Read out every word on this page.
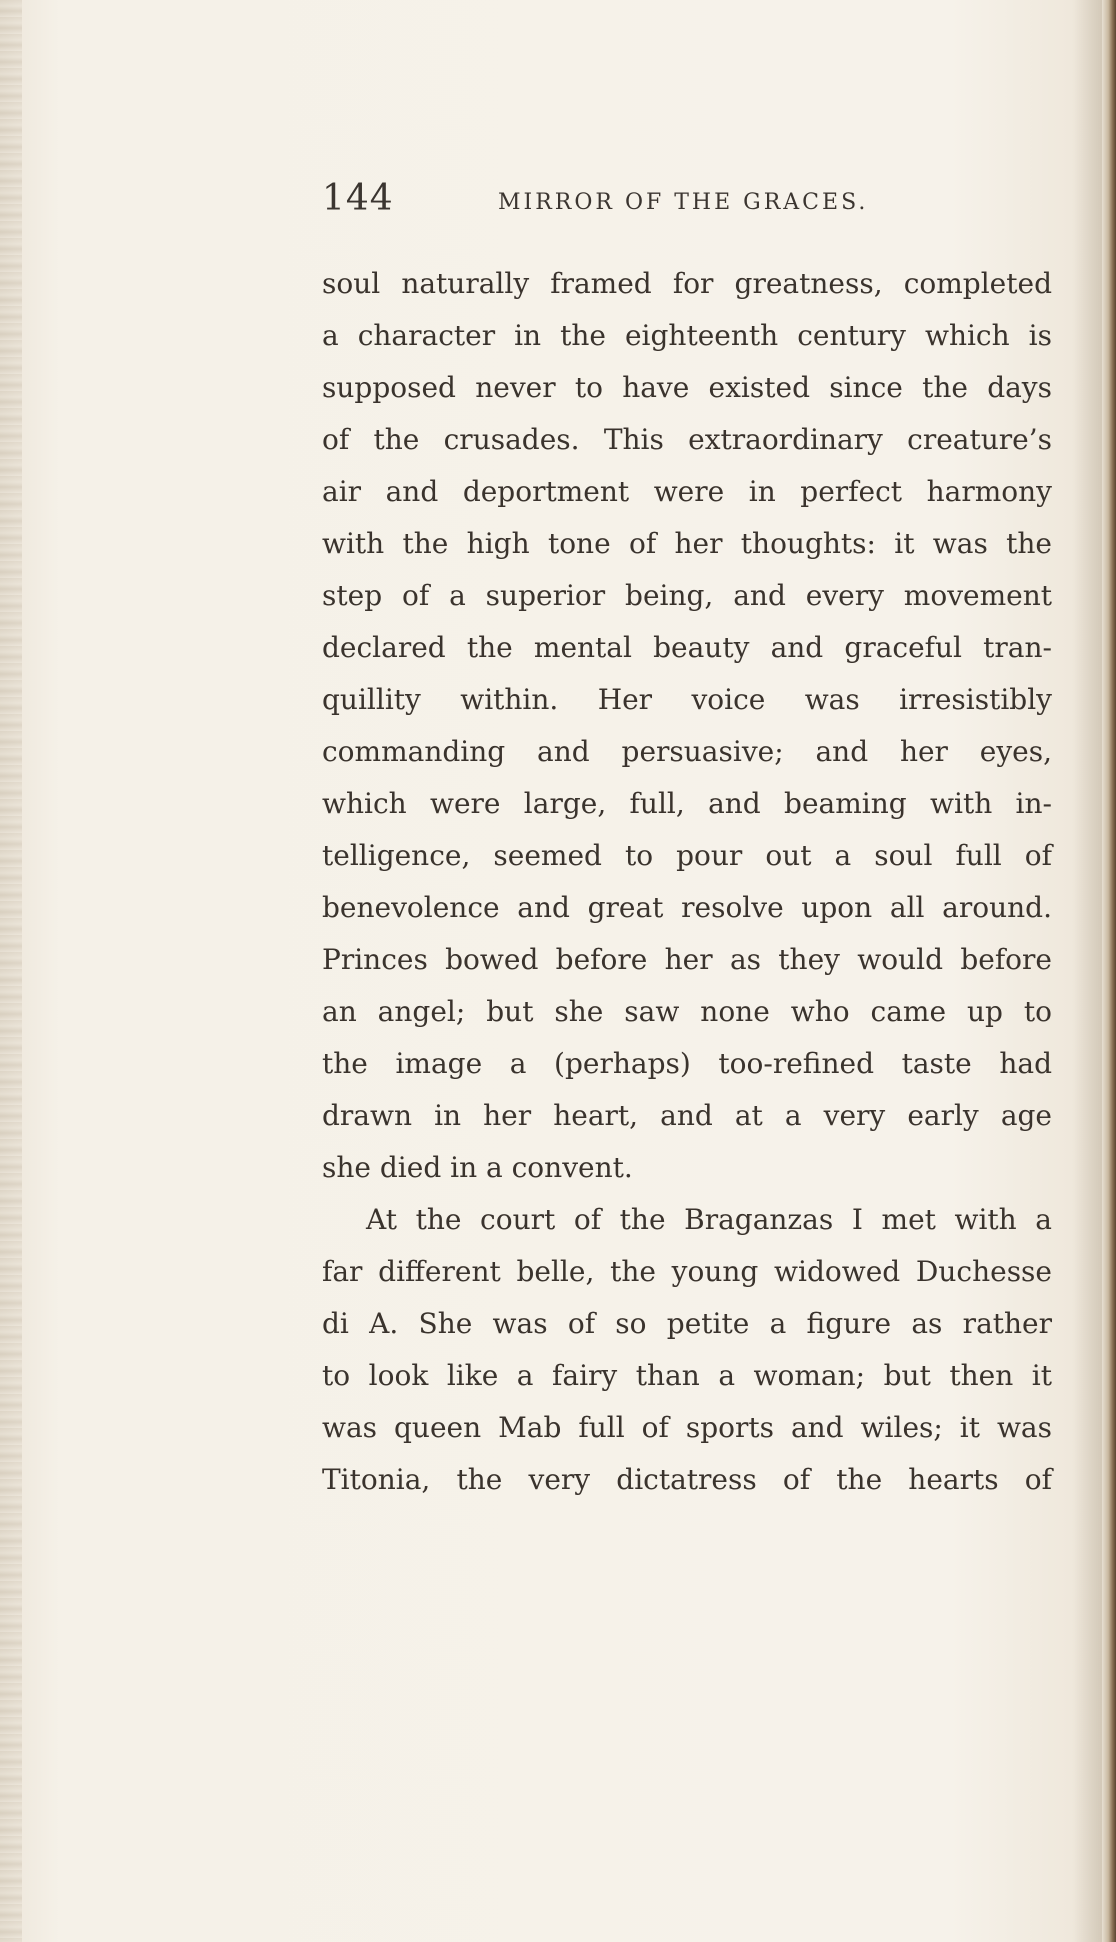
144	MIRROR OF THE GRACES.
soul naturally framed for greatness, completed
a character in the eighteenth century which is
supposed never to have existed since the days
of the crusades. This extraordinary creature’s
air and deportment were in perfect harmony
with the high tone of her thoughts: it was the
step of a superior being, and every movement
declared the mental beauty and graceful tran-
quillity within. Her voice was irresistibly
commanding and persuasive; and her eyes,
which were large, full, and beaming with in-
telligence, seemed to pour out a soul full of
benevolence and great resolve upon all around.
Princes bowed before her as they would before
an angel; but she saw none who came up to
the image a (perhaps) too-refined taste had
drawn in her heart, and at a very early age
she died in a convent.
At the court of the Braganzas I met with a
far different belle, the young widowed Duchesse
di A. She was of so petite a figure as rather
to look like a fairy than a woman; but then it
was queen Mab full of sports and wiles; it was
Titonia, the very dictatress of the hearts of
